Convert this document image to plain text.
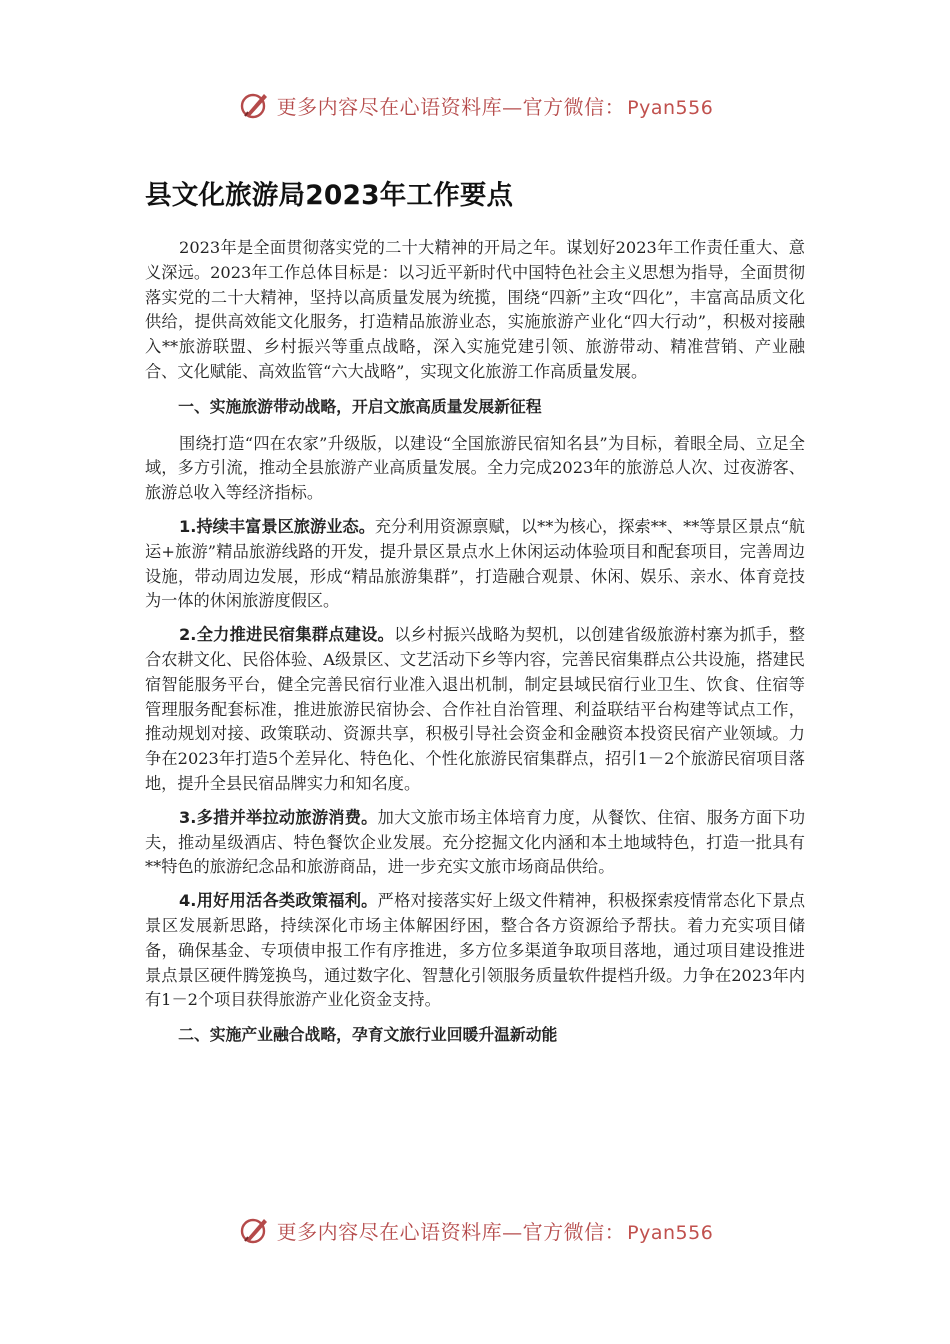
更多内容尽在心语资料库—官方微信： Pyan556
县文化旅游局2023年工作要点

2023年是全面贯彻落实党的二十大精神的开局之年。谋划好2023年工作责任重大、意义深远。2023年工作总体目标是：以习近平新时代中国特色社会主义思想为指导，全面贯彻落实党的二十大精神，坚持以高质量发展为统揽，围绕“四新”主攻“四化”，丰富高品质文化供给，提供高效能文化服务，打造精品旅游业态，实施旅游产业化“四大行动”，积极对接融入**旅游联盟、乡村振兴等重点战略，深入实施党建引领、旅游带动、精准营销、产业融合、文化赋能、高效监管“六大战略”，实现文化旅游工作高质量发展。

一、实施旅游带动战略，开启文旅高质量发展新征程

围绕打造“四在农家”升级版，以建设“全国旅游民宿知名县”为目标，着眼全局、立足全域，多方引流，推动全县旅游产业高质量发展。全力完成2023年的旅游总人次、过夜游客、旅游总收入等经济指标。

1.持续丰富景区旅游业态。充分利用资源禀赋，以**为核心，探索**、**等景区景点“航运+旅游”精品旅游线路的开发，提升景区景点水上休闲运动体验项目和配套项目，完善周边设施，带动周边发展，形成“精品旅游集群”，打造融合观景、休闲、娱乐、亲水、体育竞技为一体的休闲旅游度假区。

2.全力推进民宿集群点建设。以乡村振兴战略为契机，以创建省级旅游村寨为抓手，整合农耕文化、民俗体验、A级景区、文艺活动下乡等内容，完善民宿集群点公共设施，搭建民宿智能服务平台，健全完善民宿行业准入退出机制，制定县域民宿行业卫生、饮食、住宿等管理服务配套标准，推进旅游民宿协会、合作社自治管理、利益联结平台构建等试点工作，推动规划对接、政策联动、资源共享，积极引导社会资金和金融资本投资民宿产业领域。力争在2023年打造5个差异化、特色化、个性化旅游民宿集群点，招引1－2个旅游民宿项目落地，提升全县民宿品牌实力和知名度。

3.多措并举拉动旅游消费。加大文旅市场主体培育力度，从餐饮、住宿、服务方面下功夫，推动星级酒店、特色餐饮企业发展。充分挖掘文化内涵和本土地域特色，打造一批具有**特色的旅游纪念品和旅游商品，进一步充实文旅市场商品供给。

4.用好用活各类政策福利。严格对接落实好上级文件精神，积极探索疫情常态化下景点景区发展新思路，持续深化市场主体解困纾困，整合各方资源给予帮扶。着力充实项目储备，确保基金、专项债申报工作有序推进，多方位多渠道争取项目落地，通过项目建设推进景点景区硬件腾笼换鸟，通过数字化、智慧化引领服务质量软件提档升级。力争在2023年内有1－2个项目获得旅游产业化资金支持。

二、实施产业融合战略，孕育文旅行业回暖升温新动能

更多内容尽在心语资料库—官方微信： Pyan556
